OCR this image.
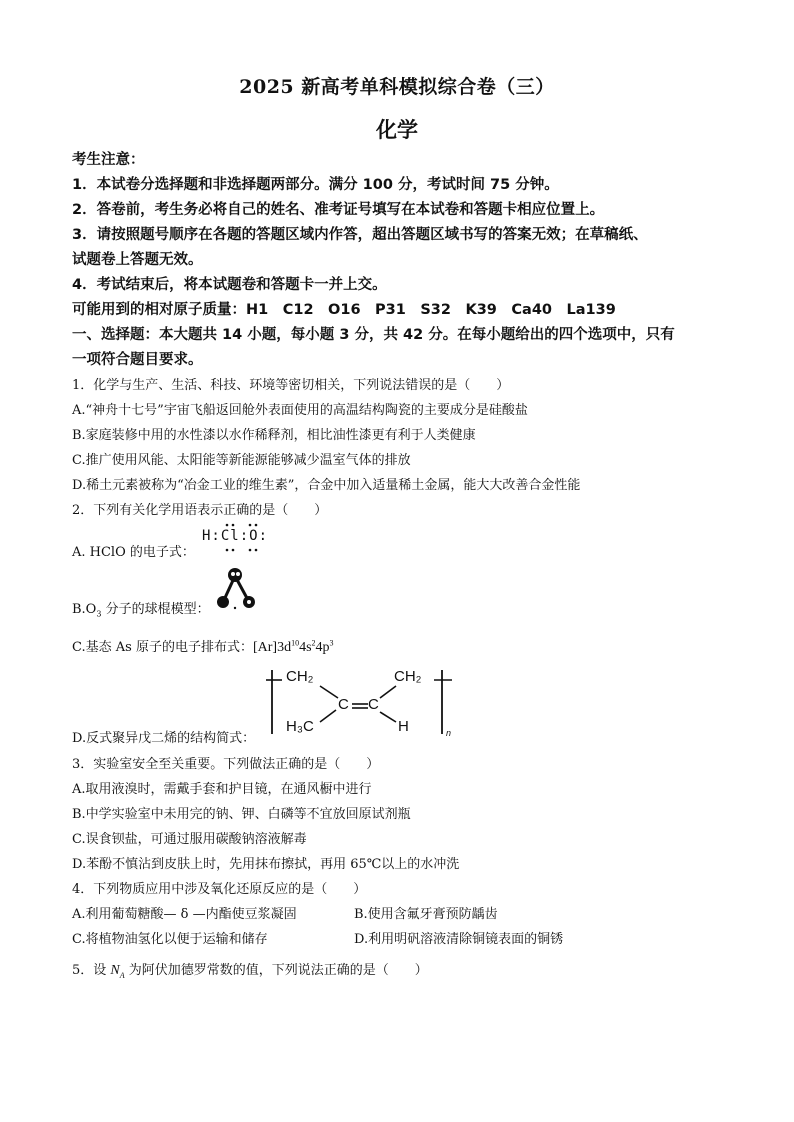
2025 新高考单科模拟综合卷（三）
化学
考生注意：
1．本试卷分选择题和非选择题两部分。满分 100 分，考试时间 75 分钟。
2．答卷前，考生务必将自己的姓名、准考证号填写在本试卷和答题卡相应位置上。
3．请按照题号顺序在各题的答题区域内作答，超出答题区域书写的答案无效；在草稿纸、
试题卷上答题无效。
4．考试结束后，将本试题卷和答题卡一并上交。
可能用到的相对原子质量：H1　C12　O16　P31　S32　K39　Ca40　La139
一、选择题：本大题共 14 小题，每小题 3 分，共 42 分。在每小题给出的四个选项中，只有
一项符合题目要求。
1．化学与生产、生活、科技、环境等密切相关，下列说法错误的是（　　）
A.“神舟十七号”宇宙飞船返回舱外表面使用的高温结构陶瓷的主要成分是硅酸盐
B.家庭装修中用的水性漆以水作稀释剂，相比油性漆更有利于人类健康
C.推广使用风能、太阳能等新能源能够减少温室气体的排放
D.稀土元素被称为“冶金工业的维生素”，合金中加入适量稀土金属，能大大改善合金性能
2．下列有关化学用语表示正确的是（　　）
A. HClO 的电子式：
H:Cl:O:
$B.O_3$ 分子的球棍模型：
C.基态 As 原子的电子排布式：$[Ar]3d^{10}4s^24p^3$
D.反式聚异戊二烯的结构简式：
CH₂	CH₂
C C
H₃C	H	n
3．实验室安全至关重要。下列做法正确的是（　　）
A.取用液溴时，需戴手套和护目镜，在通风橱中进行
B.中学实验室中未用完的钠、钾、白磷等不宜放回原试剂瓶
C.误食钡盐，可通过服用碳酸钠溶液解毒
D.苯酚不慎沾到皮肤上时，先用抹布擦拭，再用 65℃以上的水冲洗
4．下列物质应用中涉及氧化还原反应的是（　　）
A.利用葡萄糖酸— δ —内酯使豆浆凝固	B.使用含氟牙膏预防龋齿
C.将植物油氢化以便于运输和储存	D.利用明矾溶液清除铜镜表面的铜锈
5．设 $N_A$ 为阿伏加德罗常数的值，下列说法正确的是（　　）
